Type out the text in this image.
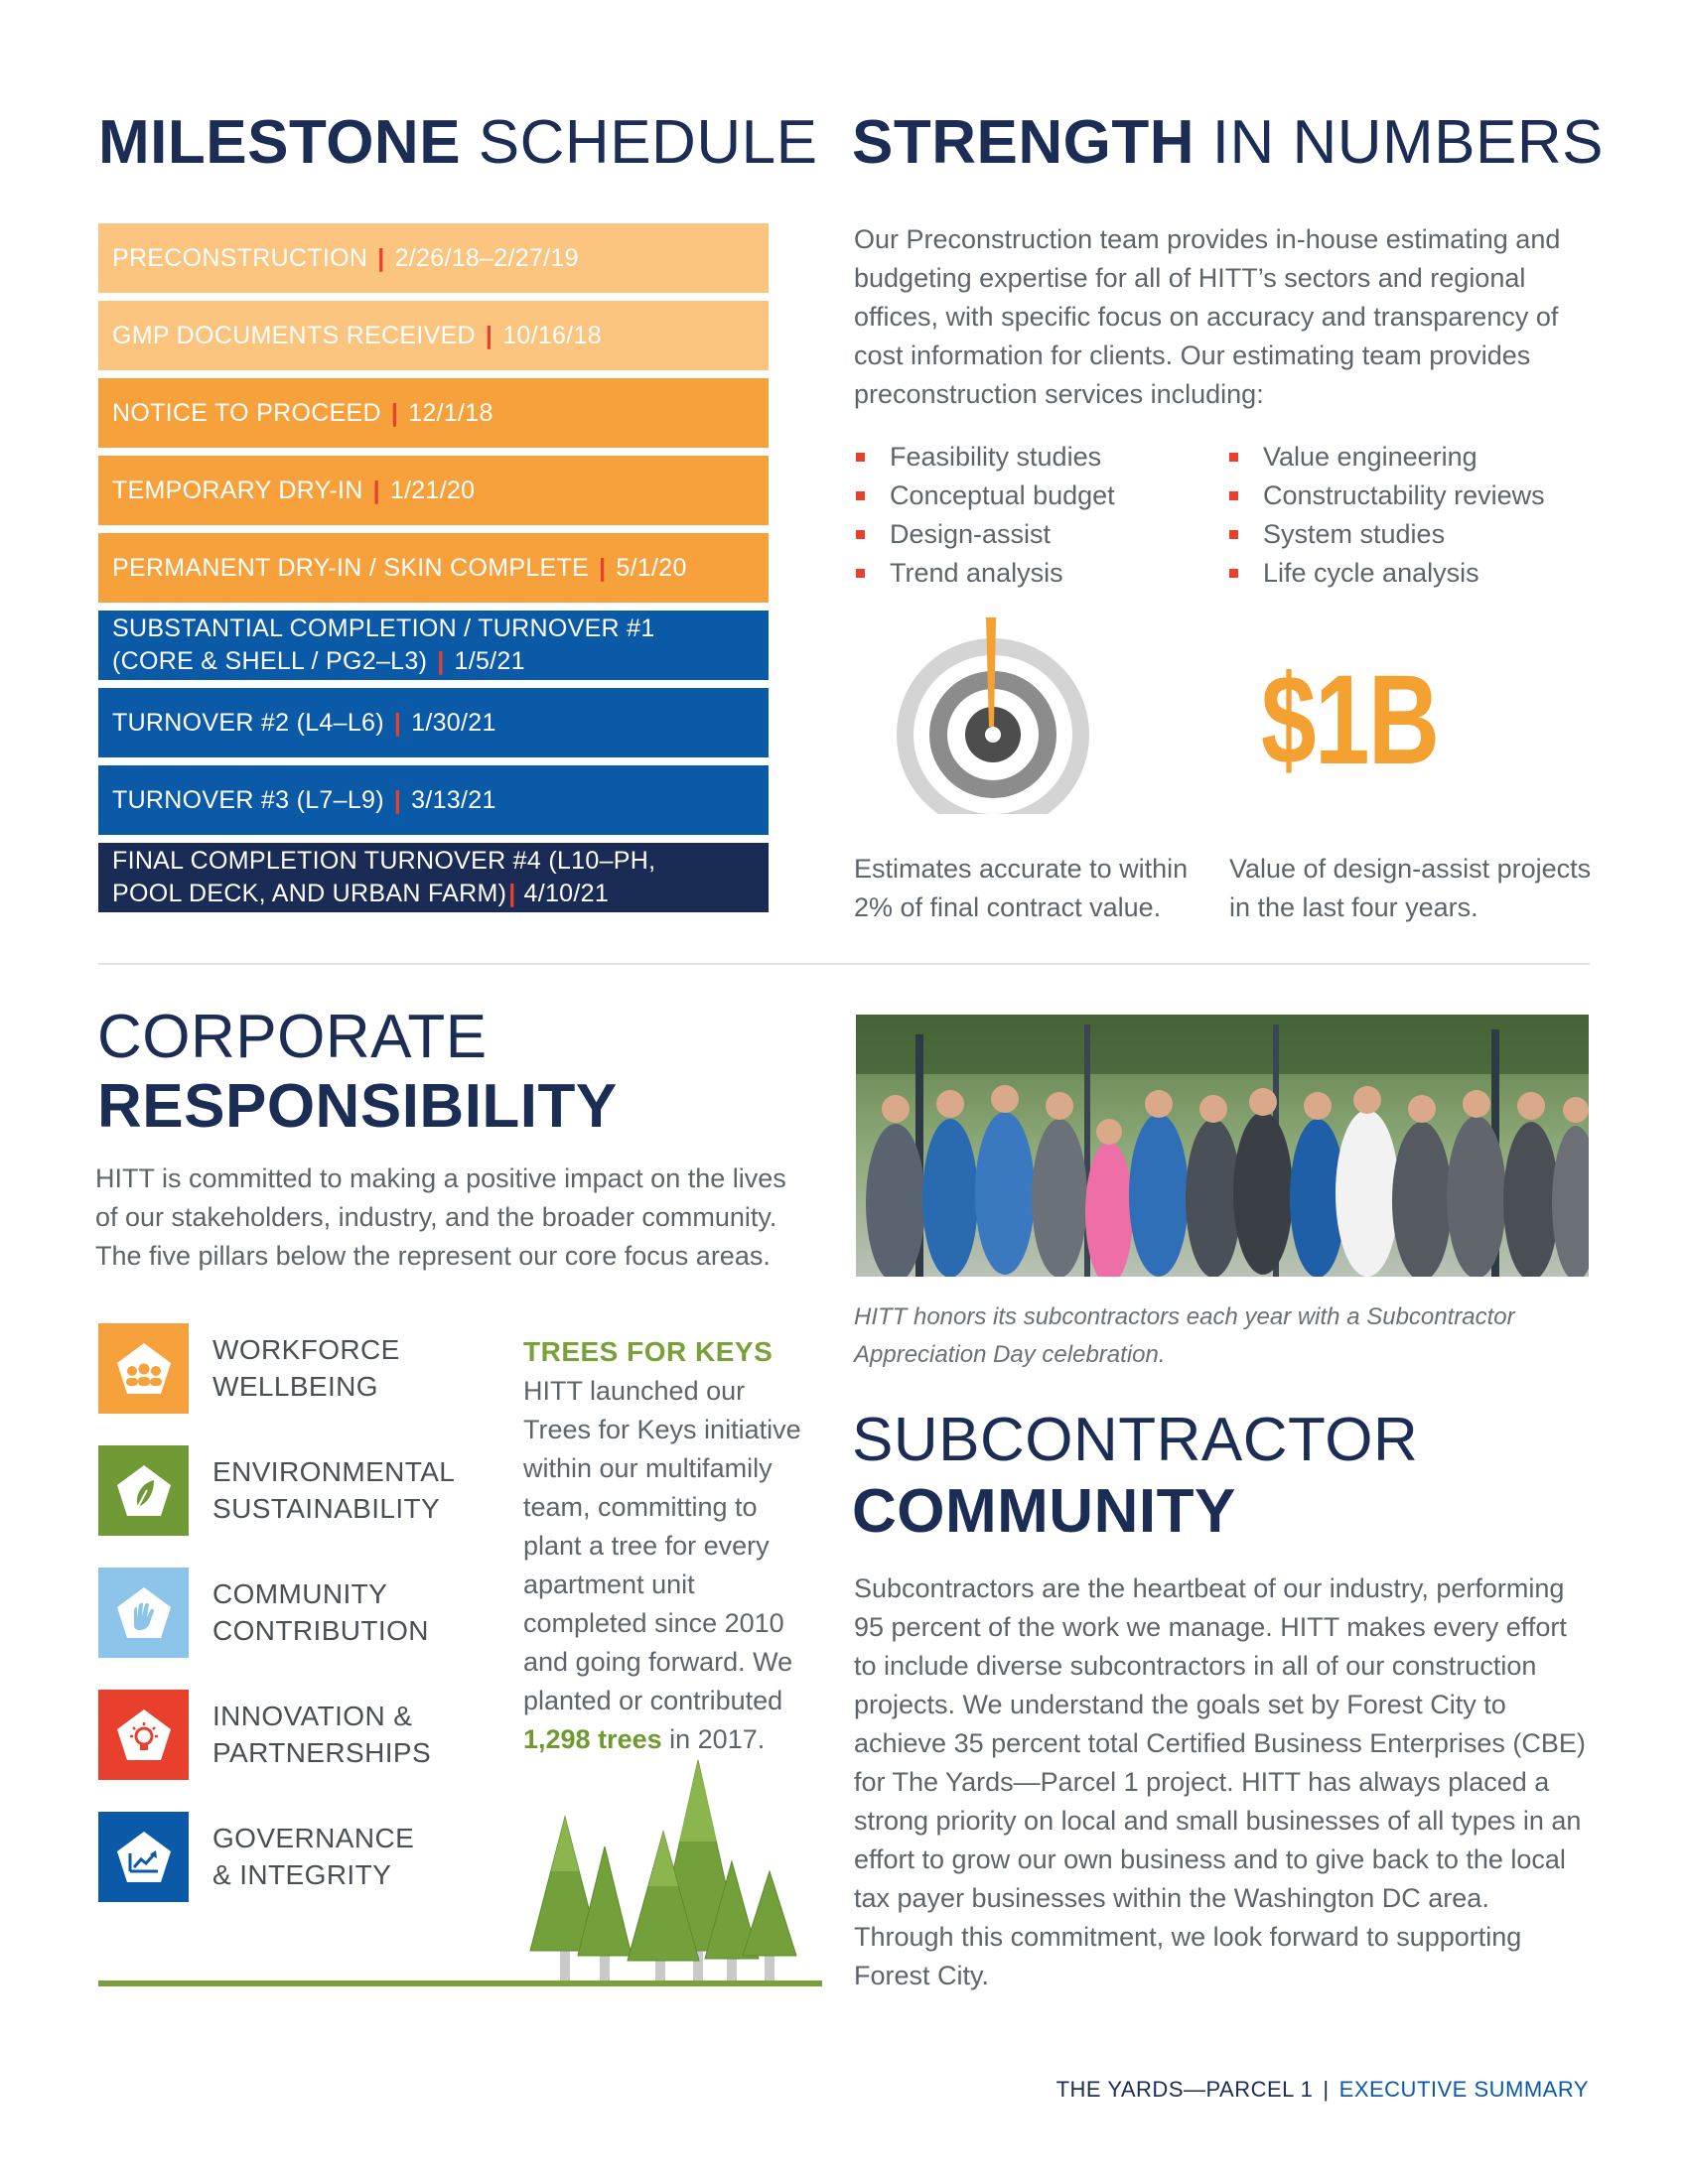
MILESTONE SCHEDULE
PRECONSTRUCTION | 2/26/18–2/27/19
GMP DOCUMENTS RECEIVED | 10/16/18
NOTICE TO PROCEED | 12/1/18
TEMPORARY DRY-IN | 1/21/20
PERMANENT DRY-IN / SKIN COMPLETE | 5/1/20
SUBSTANTIAL COMPLETION / TURNOVER #1
(CORE & SHELL / PG2–L3) | 1/5/21
TURNOVER #2 (L4–L6) | 1/30/21
TURNOVER #3 (L7–L9) | 3/13/21
FINAL COMPLETION TURNOVER #4 (L10–PH,
POOL DECK, AND URBAN FARM)| 4/10/21
STRENGTH IN NUMBERS

Our Preconstruction team provides in-house estimating and budgeting expertise for all of HITT’s sectors and regional offices, with specific focus on accuracy and transparency of cost information for clients. Our estimating team provides preconstruction services including:

Feasibility studies
Conceptual budget
Design-assist
Trend analysis
Value engineering
Constructability reviews
System studies
Life cycle analysis
$1B

Estimates accurate to within 2% of final contract value.

Value of design-assist projects in the last four years.

CORPORATE
RESPONSIBILITY

HITT is committed to making a positive impact on the lives of our stakeholders, industry, and the broader community. The five pillars below the represent our core focus areas.

WORKFORCE
WELLBEING
ENVIRONMENTAL
SUSTAINABILITY
COMMUNITY
CONTRIBUTION
INNOVATION &
PARTNERSHIPS
GOVERNANCE
& INTEGRITY
TREES FOR KEYS

HITT launched our Trees for Keys initiative within our multifamily team, committing to plant a tree for every apartment unit completed since 2010 and going forward. We planted or contributed 1,298 trees in 2017.

HITT honors its subcontractors each year with a Subcontractor Appreciation Day celebration.

SUBCONTRACTOR
COMMUNITY

Subcontractors are the heartbeat of our industry, performing 95 percent of the work we manage. HITT makes every effort to include diverse subcontractors in all of our construction projects. We understand the goals set by Forest City to achieve 35 percent total Certified Business Enterprises (CBE) for The Yards—Parcel 1 project. HITT has always placed a strong priority on local and small businesses of all types in an effort to grow our own business and to give back to the local tax payer businesses within the Washington DC area. Through this commitment, we look forward to supporting Forest City.

THE YARDS—PARCEL 1 | EXECUTIVE SUMMARY
